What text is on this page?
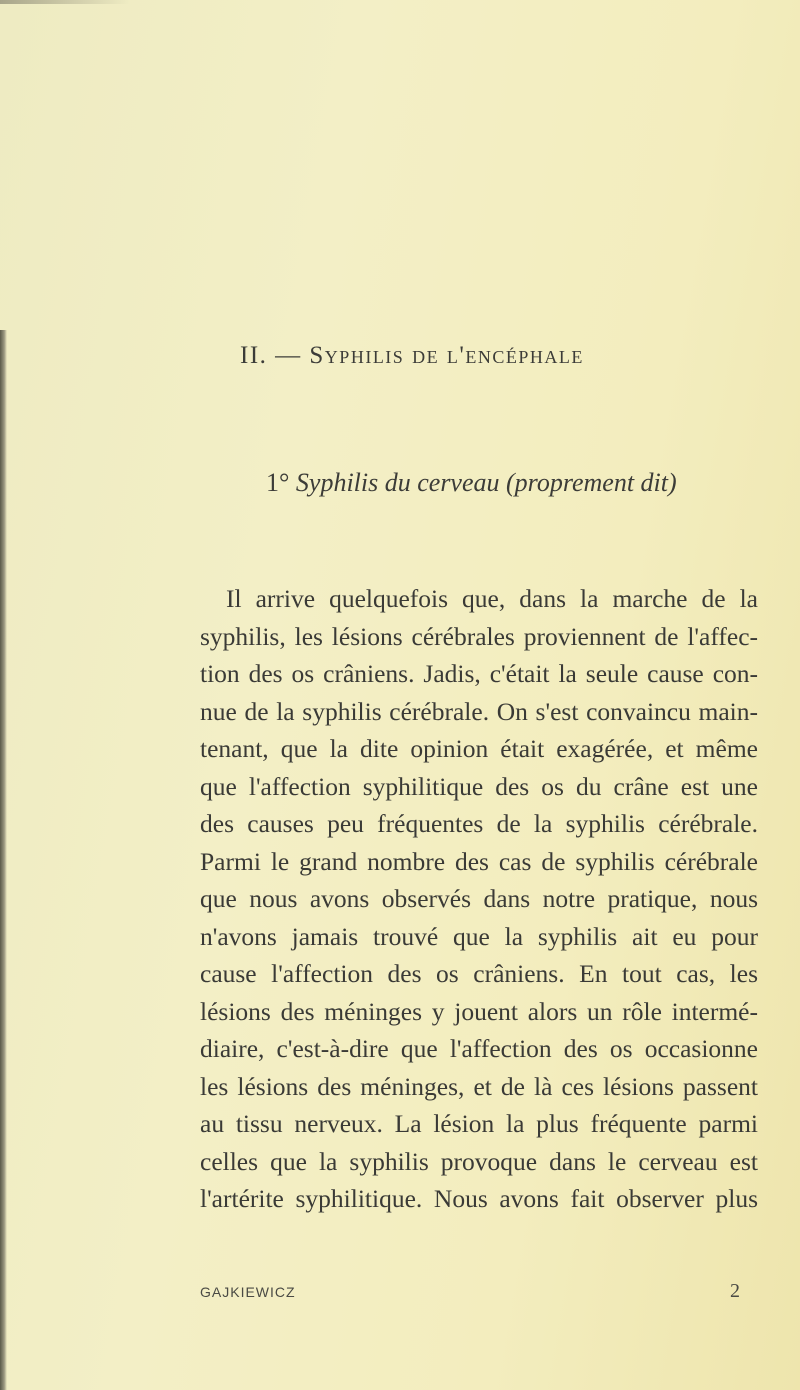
II. — Syphilis de l'encéphale
1° Syphilis du cerveau (proprement dit)
Il arrive quelquefois que, dans la marche de la
syphilis, les lésions cérébrales proviennent de l'affec-
tion des os crâniens. Jadis, c'était la seule cause con-
nue de la syphilis cérébrale. On s'est convaincu main-
tenant, que la dite opinion était exagérée, et même
que l'affection syphilitique des os du crâne est une
des causes peu fréquentes de la syphilis cérébrale.
Parmi le grand nombre des cas de syphilis cérébrale
que nous avons observés dans notre pratique, nous
n'avons jamais trouvé que la syphilis ait eu pour
cause l'affection des os crâniens. En tout cas, les
lésions des méninges y jouent alors un rôle intermé-
diaire, c'est-à-dire que l'affection des os occasionne
les lésions des méninges, et de là ces lésions passent
au tissu nerveux. La lésion la plus fréquente parmi
celles que la syphilis provoque dans le cerveau est
l'artérite syphilitique. Nous avons fait observer plus
GAJKIEWICZ	2
